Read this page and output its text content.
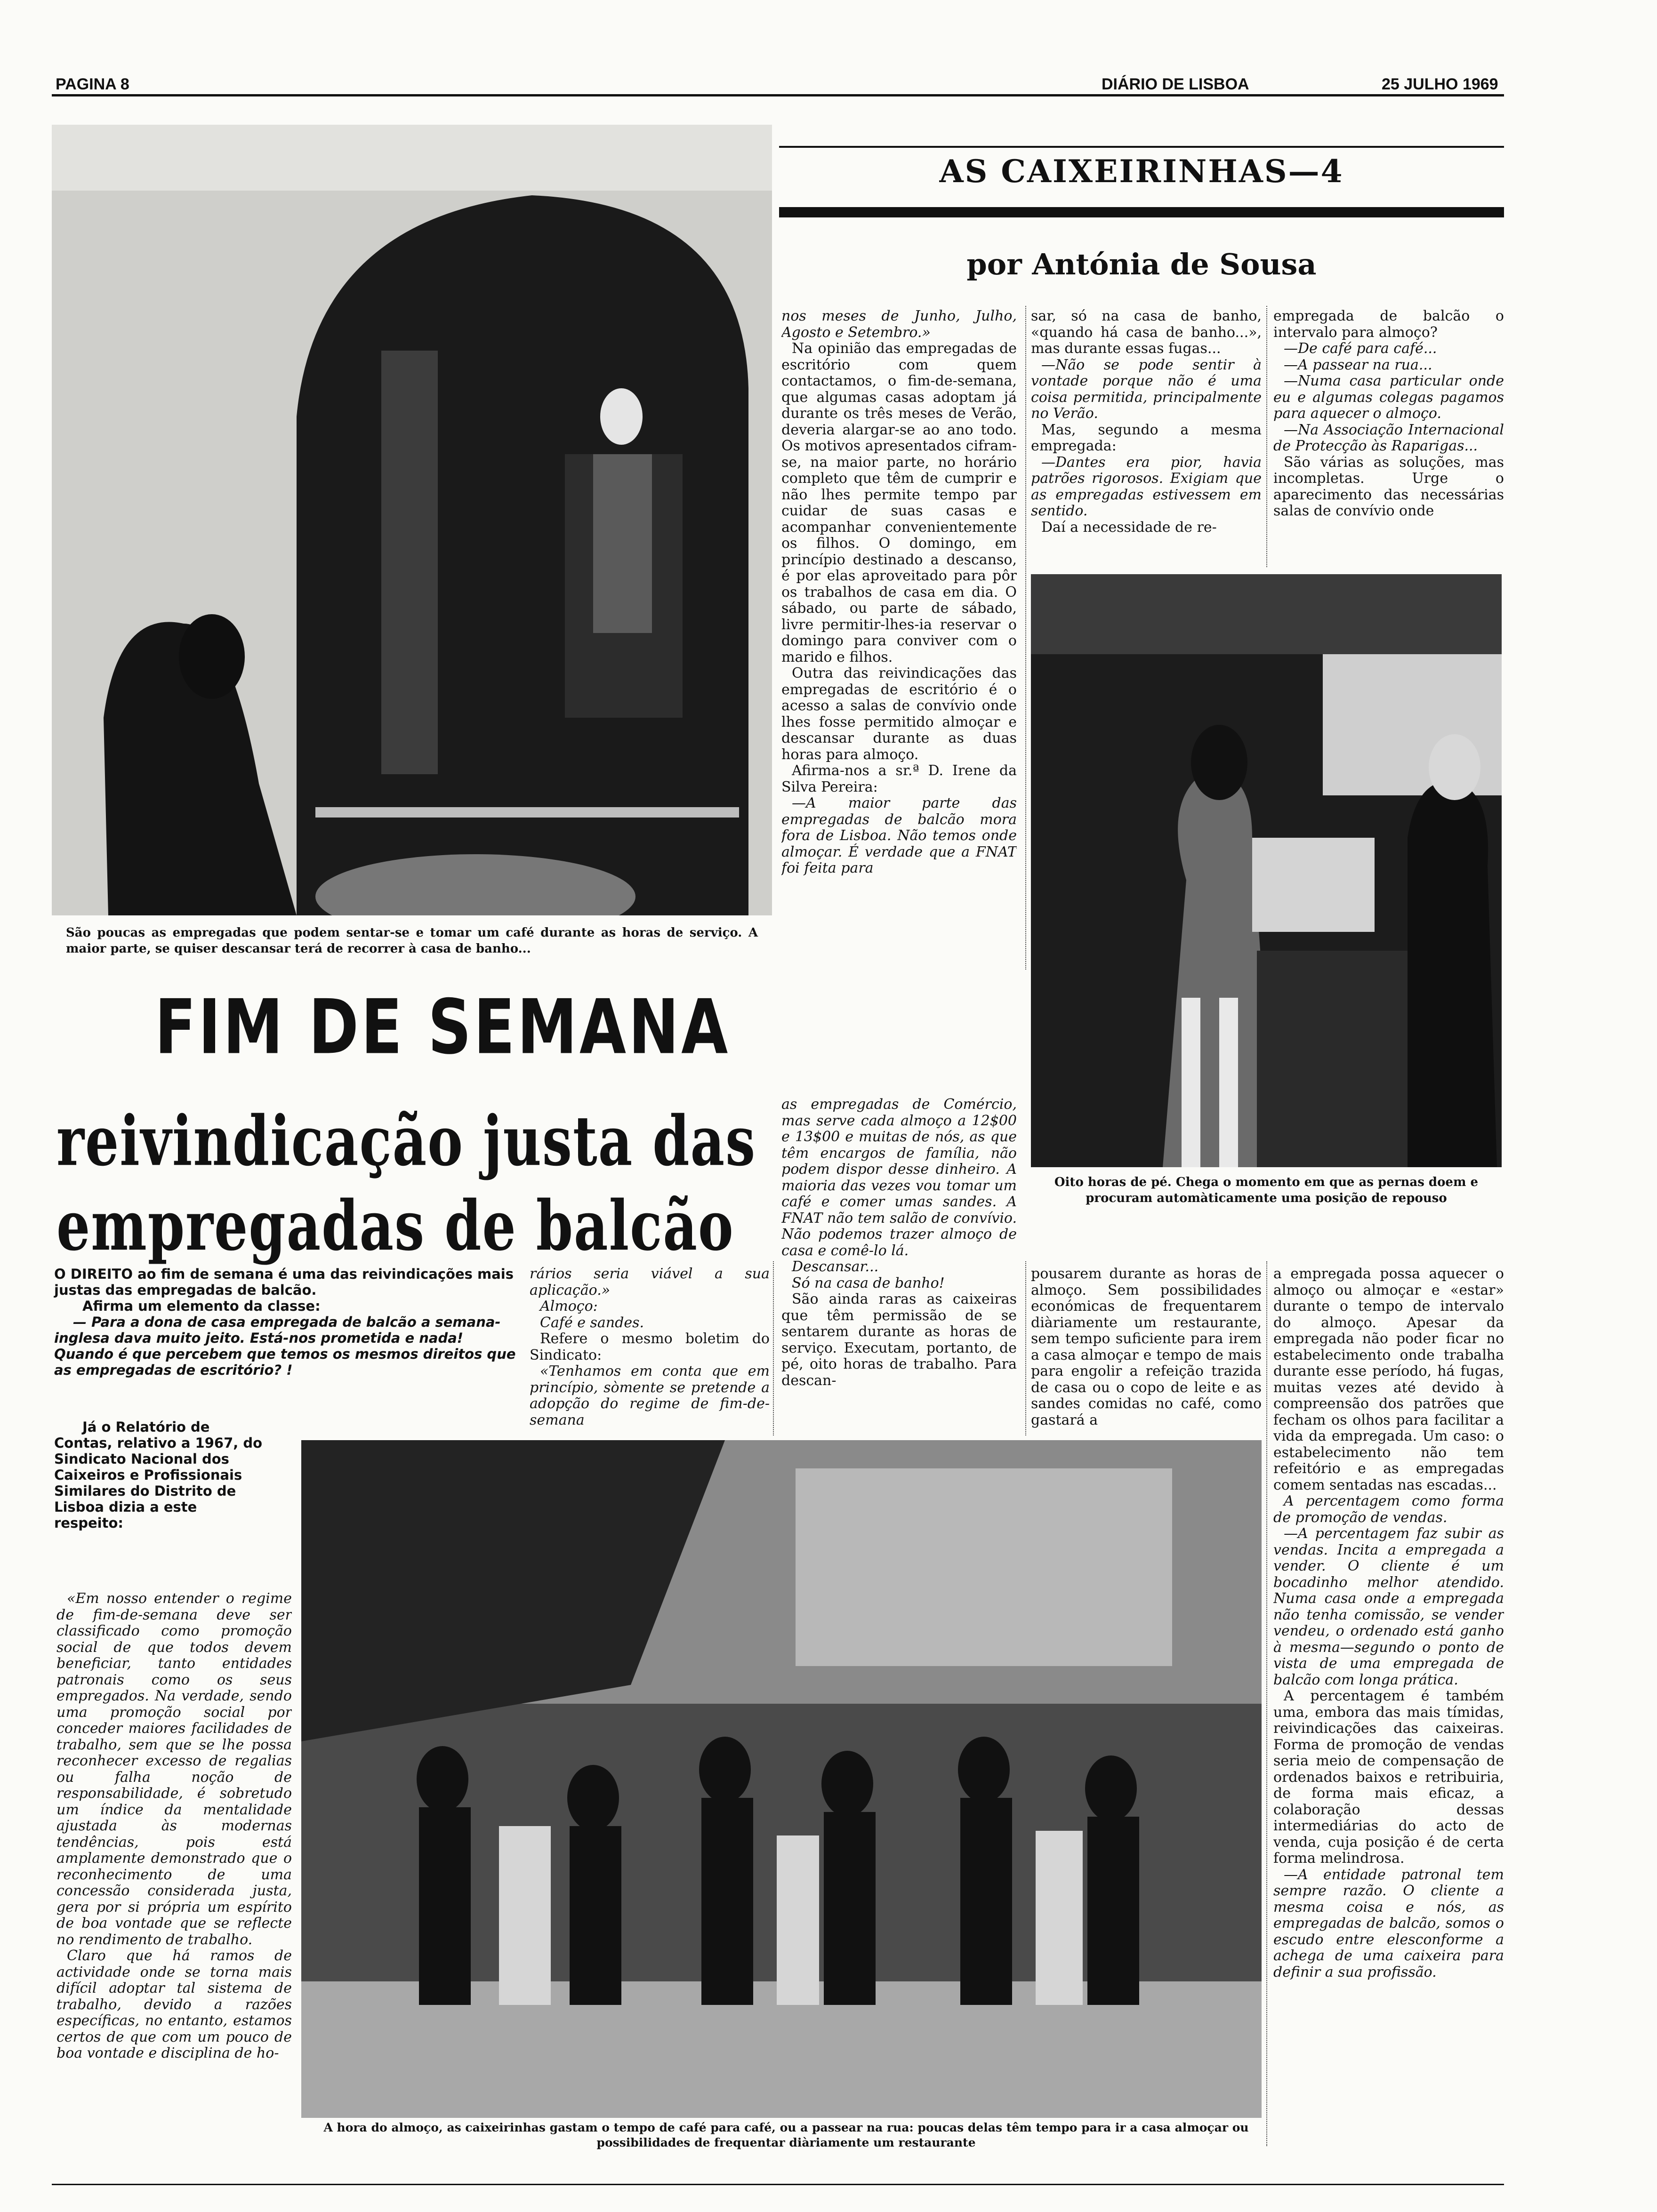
PAGINA 8	DIÁRIO DE LISBOA	25 JULHO 1969
AS CAIXEIRINHAS—4
por Antónia de Sousa
São poucas as empregadas que podem sentar-se e tomar um café durante as horas de serviço. A maior parte, se quiser descansar terá de recorrer à casa de banho...

nos meses de Junho, Julho, Agosto e Setembro.»

Na opinião das empregadas de escritório com quem contactamos, o fim-de-semana, que algumas casas adoptam já durante os três meses de Verão, deveria alargar-se ao ano todo. Os motivos apresentados cifram-se, na maior parte, no horário completo que têm de cumprir e não lhes permite tempo par cuidar de suas casas e acompanhar convenientemente os filhos. O domingo, em princípio destinado a descanso, é por elas aproveitado para pôr os trabalhos de casa em dia. O sábado, ou parte de sábado, livre permitir-lhes-ia reservar o domingo para conviver com o marido e filhos.

Outra das reivindicações das empregadas de escritório é o acesso a salas de convívio onde lhes fosse permitido almoçar e descansar durante as duas horas para almoço.

Afirma-nos a sr.ª D. Irene da Silva Pereira:

—A maior parte das empregadas de balcão mora fora de Lisboa. Não temos onde almoçar. É verdade que a FNAT foi feita para

sar, só na casa de banho, «quando há casa de banho...», mas durante essas fugas...

—Não se pode sentir à vontade porque não é uma coisa permitida, principalmente no Verão.

Mas, segundo a mesma empregada:

—Dantes era pior, havia patrões rigorosos. Exigiam que as empregadas estivessem em sentido.

Daí a necessidade de re-

empregada de balcão o intervalo para almoço?

—De café para café...

—A passear na rua...

—Numa casa particular onde eu e algumas colegas pagamos para aquecer o almoço.

—Na Associação Internacional de Protecção às Raparigas...

São várias as soluções, mas incompletas. Urge o aparecimento das necessárias salas de convívio onde

Oito horas de pé. Chega o momento em que as pernas doem e procuram automàticamente uma posição de repouso
FIM DE SEMANA
reivindicação justa das
empregadas de balcão

as empregadas de Comércio, mas serve cada almoço a 12$00 e 13$00 e muitas de nós, as que têm encargos de família, não podem dispor desse dinheiro. A maioria das vezes vou tomar um café e comer umas sandes. A FNAT não tem salão de convívio. Não podemos trazer almoço de casa e comê-lo lá.

Descansar...

Só na casa de banho!

São ainda raras as caixeiras que têm permissão de se sentarem durante as horas de serviço. Executam, portanto, de pé, oito horas de trabalho. Para descan-

O DIREITO ao fim de semana é uma das reivindicações mais justas das empregadas de balcão.
Afirma um elemento da classe:
— Para a dona de casa empregada de balcão a semana-inglesa dava muito jeito. Está-nos prometida e nada! Quando é que percebem que temos os mesmos direitos que as empregadas de escritório? !
Já o Relatório de Contas, relativo a 1967, do Sindicato Nacional dos Caixeiros e Profissionais Similares do Distrito de Lisboa dizia a este respeito:

rários seria viável a sua aplicação.»

Almoço:

Café e sandes.

Refere o mesmo boletim do Sindicato:

«Tenhamos em conta que em princípio, sòmente se pretende a adopção do regime de fim-de-semana

pousarem durante as horas de almoço. Sem possibilidades económicas de frequentarem diàriamente um restaurante, sem tempo suficiente para irem a casa almoçar e tempo de mais para engolir a refeição trazida de casa ou o copo de leite e as sandes comidas no café, como gastará a

«Em nosso entender o regime de fim-de-semana deve ser classificado como promoção social de que todos devem beneficiar, tanto entidades patronais como os seus empregados. Na verdade, sendo uma promoção social por conceder maiores facilidades de trabalho, sem que se lhe possa reconhecer excesso de regalias ou falha noção de responsabilidade, é sobretudo um índice da mentalidade ajustada às modernas tendências, pois está amplamente demonstrado que o reconhecimento de uma concessão considerada justa, gera por si própria um espírito de boa vontade que se reflecte no rendimento de trabalho.

Claro que há ramos de actividade onde se torna mais difícil adoptar tal sistema de trabalho, devido a razões específicas, no entanto, estamos certos de que com um pouco de boa vontade e disciplina de ho-

A hora do almoço, as caixeirinhas gastam o tempo de café para café, ou a passear na rua: poucas delas têm tempo para ir a casa almoçar ou possibilidades de frequentar diàriamente um restaurante

a empregada possa aquecer o almoço ou almoçar e «estar» durante o tempo de intervalo do almoço. Apesar da empregada não poder ficar no estabelecimento onde trabalha durante esse período, há fugas, muitas vezes até devido à compreensão dos patrões que fecham os olhos para facilitar a vida da empregada. Um caso: o estabelecimento não tem refeitório e as empregadas comem sentadas nas escadas...

A percentagem como forma de promoção de vendas.

—A percentagem faz subir as vendas. Incita a empregada a vender. O cliente é um bocadinho melhor atendido. Numa casa onde a empregada não tenha comissão, se vender vendeu, o ordenado está ganho à mesma—segundo o ponto de vista de uma empregada de balcão com longa prática.

A percentagem é também uma, embora das mais tímidas, reivindicações das caixeiras. Forma de promoção de vendas seria meio de compensação de ordenados baixos e retribuiria, de forma mais eficaz, a colaboração dessas intermediárias do acto de venda, cuja posição é de certa forma melindrosa.

—A entidade patronal tem sempre razão. O cliente a mesma coisa e nós, as empregadas de balcão, somos o escudo entre elesconforme a achega de uma caixeira para definir a sua profissão.
